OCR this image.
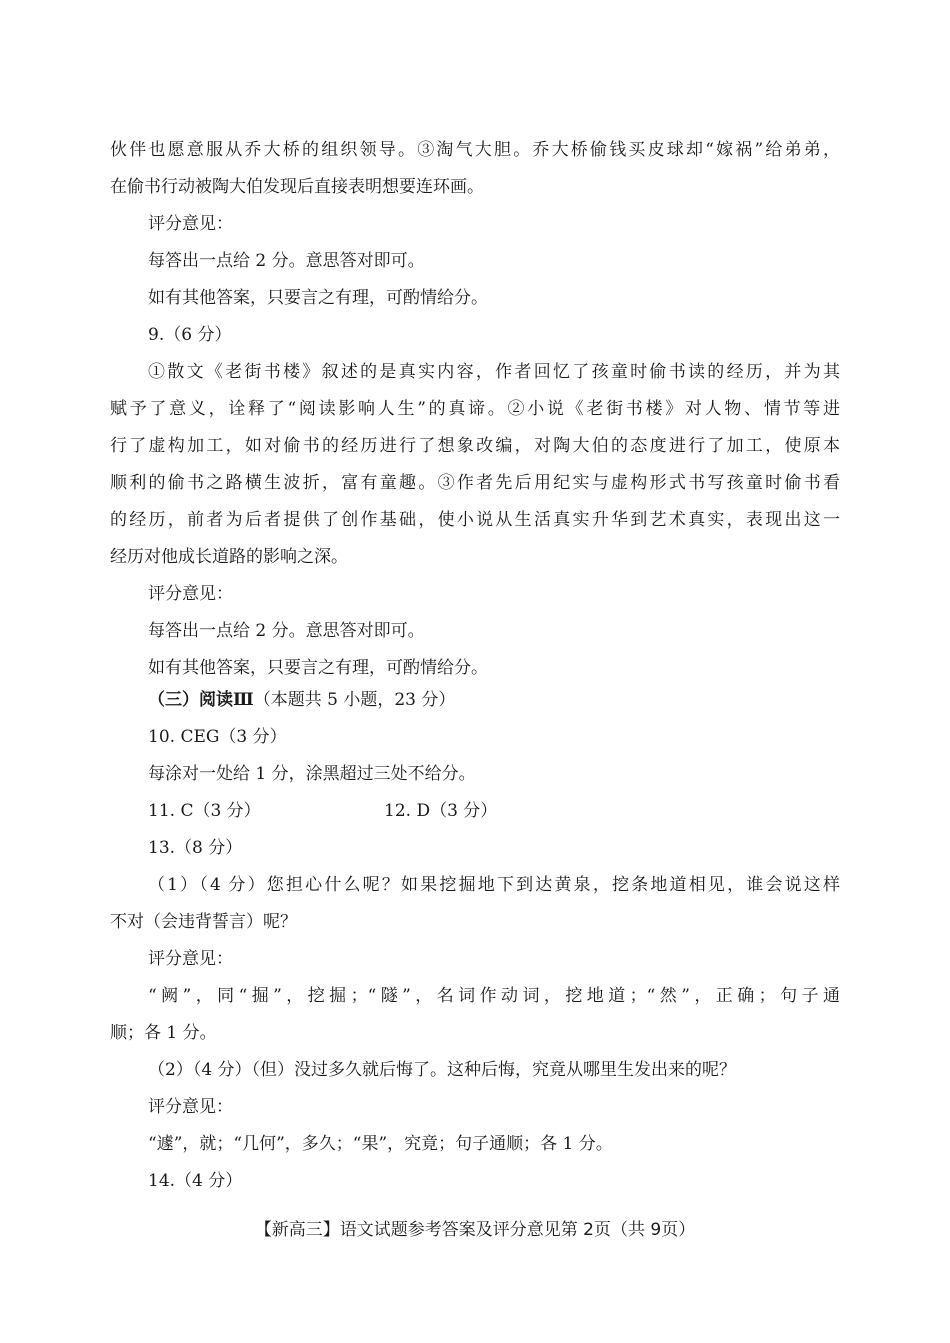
伙伴也愿意服从乔大桥的组织领导。③淘气大胆。乔大桥偷钱买皮球却“嫁祸”给弟弟，
在偷书行动被陶大伯发现后直接表明想要连环画。
评分意见：
每答出一点给 2 分。意思答对即可。
如有其他答案，只要言之有理，可酌情给分。
9.（6 分）
①散文《老街书楼》叙述的是真实内容，作者回忆了孩童时偷书读的经历，并为其
赋予了意义，诠释了“阅读影响人生”的真谛。②小说《老街书楼》对人物、情节等进
行了虚构加工，如对偷书的经历进行了想象改编，对陶大伯的态度进行了加工，使原本
顺利的偷书之路横生波折，富有童趣。③作者先后用纪实与虚构形式书写孩童时偷书看
的经历，前者为后者提供了创作基础，使小说从生活真实升华到艺术真实，表现出这一
经历对他成长道路的影响之深。
评分意见：
每答出一点给 2 分。意思答对即可。
如有其他答案，只要言之有理，可酌情给分。
（三）阅读Ⅲ（本题共 5 小题，23 分）
10. CEG（3 分）
每涂对一处给 1 分，涂黑超过三处不给分。
11. C（3 分）	12. D（3 分）
13.（8 分）
（1）（4 分）您担心什么呢？如果挖掘地下到达黄泉，挖条地道相见，谁会说这样
不对（会违背誓言）呢？
评分意见：
“阙”，同“掘”，挖掘；“隧”，名词作动词，挖地道；“然”，正确；句子通
顺；各 1 分。
（2）（4 分）（但）没过多久就后悔了。这种后悔，究竟从哪里生发出来的呢？
评分意见：
“遽”，就；“几何”，多久；“果”，究竟；句子通顺；各 1 分。
14.（4 分）
【新高三】语文试题参考答案及评分意见第 2页（共 9页）
